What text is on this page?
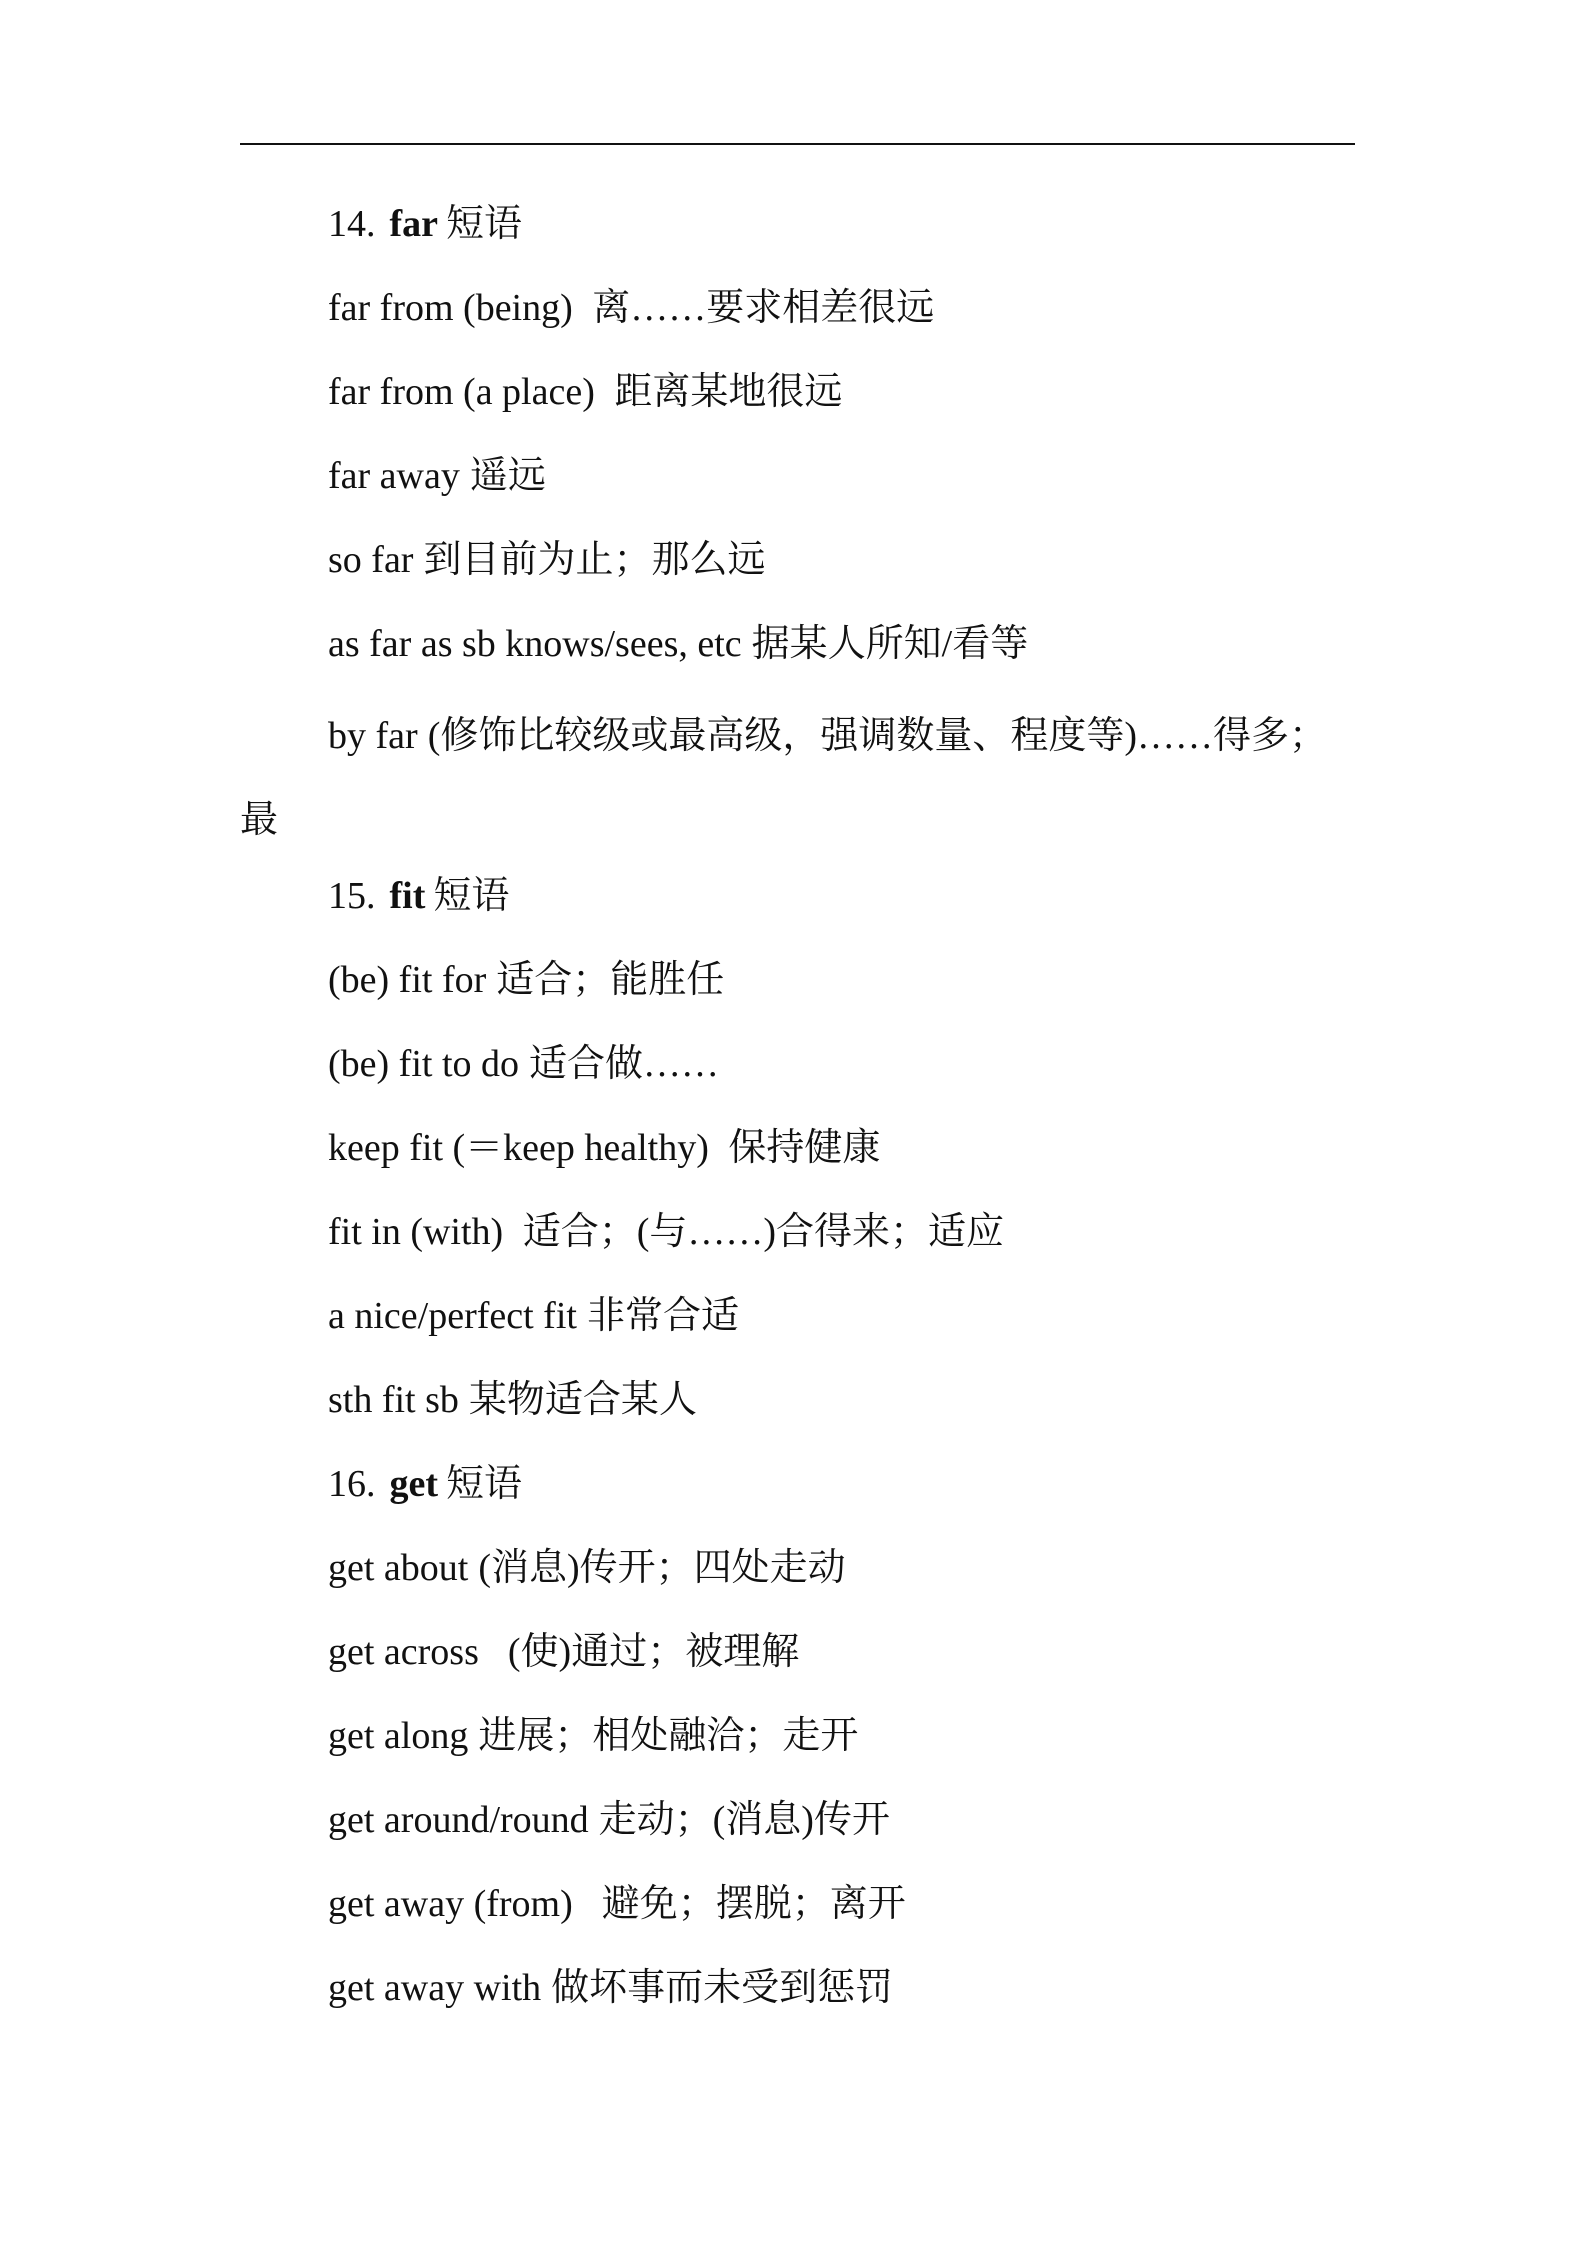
14. far 短语
far from (being) 离……要求相差很远
far from (a place) 距离某地很远
far away 遥远
so far 到目前为止；那么远
as far as sb knows/sees, etc 据某人所知/看等
by far (修饰比较级或最高级，强调数量、程度等)……得多；最
15. fit 短语
(be) fit for 适合；能胜任
(be) fit to do 适合做……
keep fit (＝keep healthy) 保持健康
fit in (with) 适合；(与……)合得来；适应
a nice/perfect fit 非常合适
sth fit sb 某物适合某人
16. get 短语
get about (消息)传开；四处走动
get across  (使)通过；被理解
get along 进展；相处融洽；走开
get around/round 走动；(消息)传开
get away (from)  避免；摆脱；离开
get away with 做坏事而未受到惩罚
